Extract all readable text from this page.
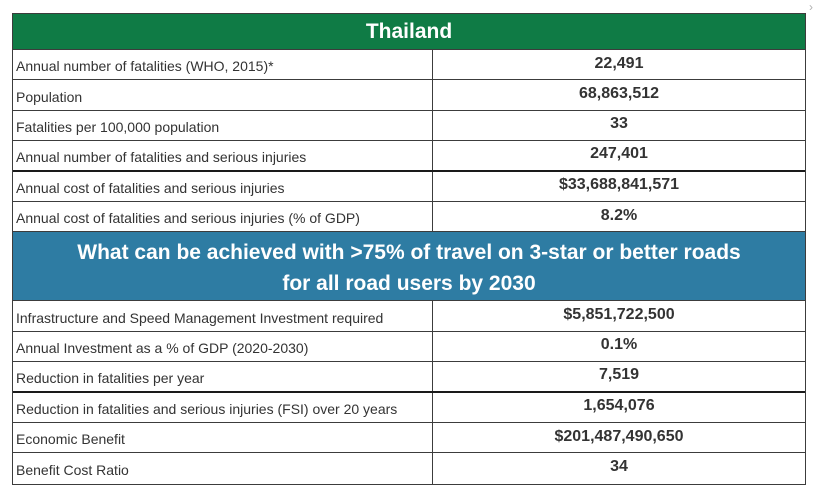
›
Thailand
Annual number of fatalities (WHO, 2015)*	22,491
Population	68,863,512
Fatalities per 100,000 population	33
Annual number of fatalities and serious injuries	247,401
Annual cost of fatalities and serious injuries	$33,688,841,571
Annual cost of fatalities and serious injuries (% of GDP)	8.2%
What can be achieved with >75% of travel on 3-star or better roads
for all road users by 2030
Infrastructure and Speed Management Investment required	$5,851,722,500
Annual Investment as a % of GDP (2020-2030)	0.1%
Reduction in fatalities per year	7,519
Reduction in fatalities and serious injuries (FSI) over 20 years	1,654,076
Economic Benefit	$201,487,490,650
Benefit Cost Ratio	34
